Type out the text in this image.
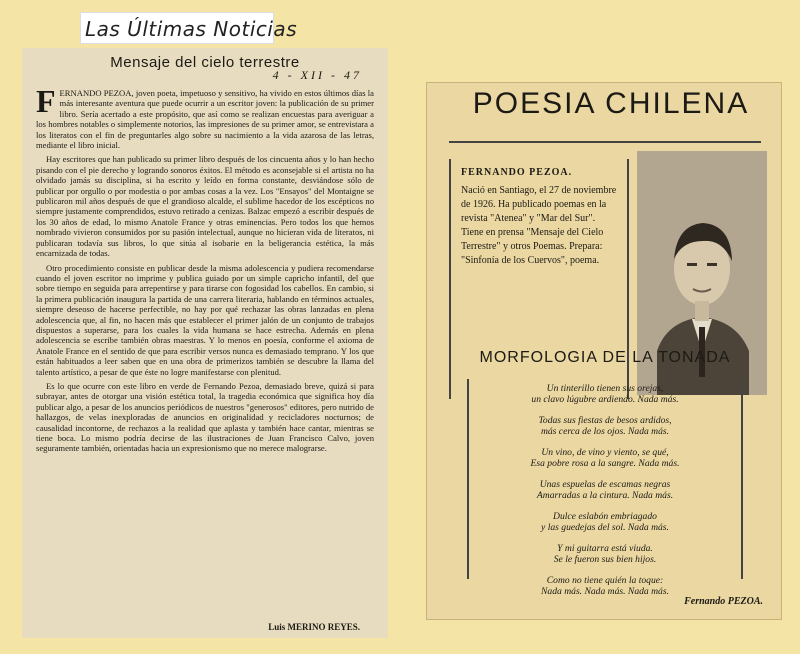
Las Últimas Noticias
Mensaje del cielo terrestre
4 - XII - 47

FERNANDO PEZOA, joven poeta, impetuoso y sensitivo, ha vivido en estos últimos días la más interesante aventura que puede ocurrir a un escritor joven: la publicación de su primer libro. Sería acertado a este propósito, que así como se realizan encuestas para averiguar a los hombres notables o simplemente notorios, las impresiones de su primer amor, se entrevistara a los literatos con el fin de preguntarles algo sobre su nacimiento a la vida azarosa de las letras, mediante el libro inicial.

Hay escritores que han publicado su primer libro después de los cincuenta años y lo han hecho pisando con el pie derecho y logrando sonoros éxitos. El método es aconsejable si el artista no ha olvidado jamás su disciplina, si ha escrito y leído en forma constante, desviándose sólo de publicar por orgullo o por modestia o por ambas cosas a la vez. Los "Ensayos" del Montaigne se publicaron mil años después de que el grandioso alcalde, el sublime hacedor de los escépticos no siempre justamente comprendidos, estuvo retirado a cenizas. Balzac empezó a escribir después de los 30 años de edad, lo mismo Anatole France y otras eminencias. Pero todos los que hemos nombrado vivieron consumidos por su pasión intelectual, aunque no hicieran vida de literatos, ni publicaran todavía sus libros, lo que sitúa al isobarie en la beligerancia estética, la más encarnizada de todas.

Otro procedimiento consiste en publicar desde la misma adolescencia y pudiera recomendarse cuando el joven escritor no imprime y publica guiado por un simple capricho infantil, del que sobre tiempo en seguida para arrepentirse y para tirarse con fogosidad los cabellos. En cambio, si la primera publicación inaugura la partida de una carrera literaria, hablando en términos actuales, siempre deseoso de hacerse perfectible, no hay por qué rechazar las obras lanzadas en plena adolescencia que, al fin, no hacen más que establecer el primer jalón de un conjunto de trabajos dispuestos a superarse, para los cuales la vida humana se hace estrecha. Además en plena adolescencia se escribe también obras maestras. Y lo menos en poesía, conforme el axioma de Anatole France en el sentido de que para escribir versos nunca es demasiado temprano. Y los que están habituados a leer saben que en una obra de primerizos también se descubre la llama del talento artístico, a pesar de que éste no logre manifestarse con plenitud.

Es lo que ocurre con este libro en verde de Fernando Pezoa, demasiado breve, quizá si para subrayar, antes de otorgar una visión estética total, la tragedia económica que significa hoy día publicar algo, a pesar de los anuncios periódicos de nuestros "generosos" editores, pero nutrido de hallazgos, de velas inexploradas de anuncios en originalidad y recicladores nocturnos; de causalidad incontorne, de rechazos a la realidad que aplasta y también hace cantar, mientras se tiene boca. Lo mismo podría decirse de las ilustraciones de Juan Francisco Calvo, joven seguramente también, orientadas hacia un expresionismo que no merece malograrse.

Luis MERINO REYES.
POESIA CHILENA
FERNANDO PEZOA.
Nació en Santiago, el 27 de noviembre de 1926. Ha publicado poemas en la revista "Atenea" y "Mar del Sur". Tiene en prensa "Mensaje del Cielo Terrestre" y otros Poemas. Prepara: "Sinfonía de los Cuervos", poema.
MORFOLOGIA DE LA TONADA
Un tinterillo tienen sus orejas,
un clavo lúgubre ardiendo. Nada más.
Todas sus fiestas de besos ardidos,
más cerca de los ojos. Nada más.
Un vino, de vino y viento, se qué,
Esa pobre rosa a la sangre. Nada más.
Unas espuelas de escamas negras
Amarradas a la cintura. Nada más.
Dulce eslabón embriagado
y las guedejas del sol. Nada más.
Y mi guitarra está viuda.
Se le fueron sus bien hijos.
Como no tiene quién la toque:
Nada más. Nada más. Nada más.
Fernando PEZOA.
